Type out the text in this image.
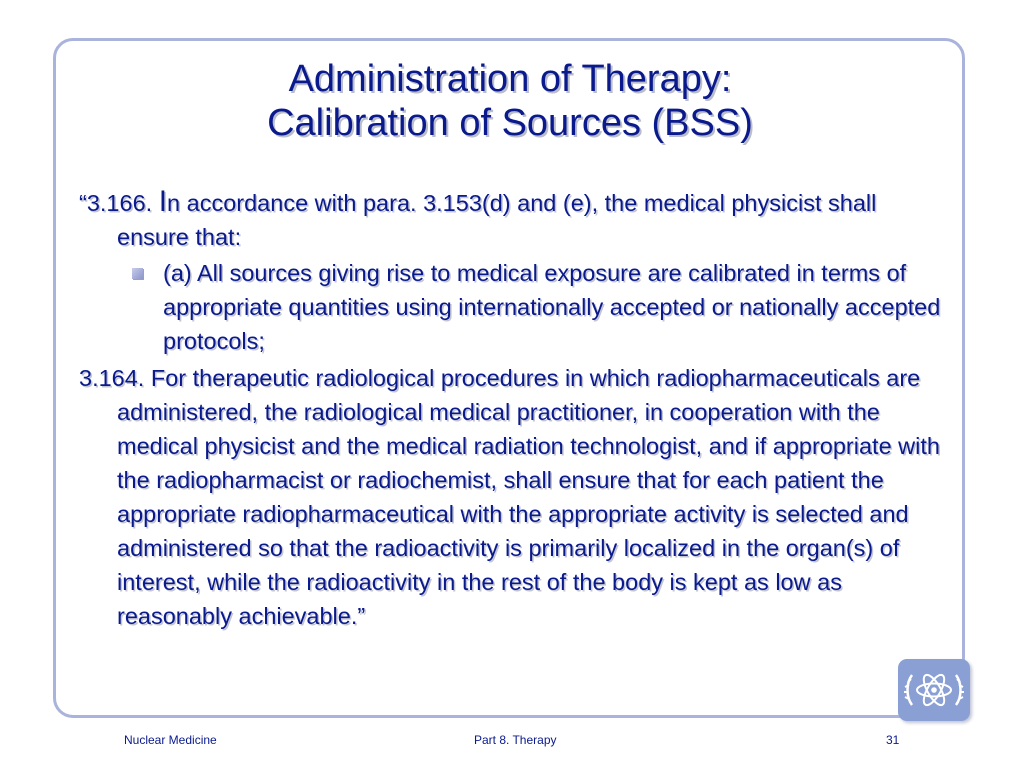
Administration of Therapy:
Calibration of Sources (BSS)

“3.166. In accordance with para. 3.153(d) and (e), the medical physicist shall ensure that:

(a) All sources giving rise to medical exposure are calibrated in terms of appropriate quantities using internationally accepted or nationally accepted protocols;

3.164. For therapeutic radiological procedures in which radiopharmaceuticals are administered, the radiological medical practitioner, in cooperation with the medical physicist and the medical radiation technologist, and if appropriate with the radiopharmacist or radiochemist, shall ensure that for each patient the appropriate radiopharmaceutical with the appropriate activity is selected and administered so that the radioactivity is primarily localized in the organ(s) of interest, while the radioactivity in the rest of the body is kept as low as reasonably achievable.”

Nuclear Medicine	Part 8. Therapy	31
